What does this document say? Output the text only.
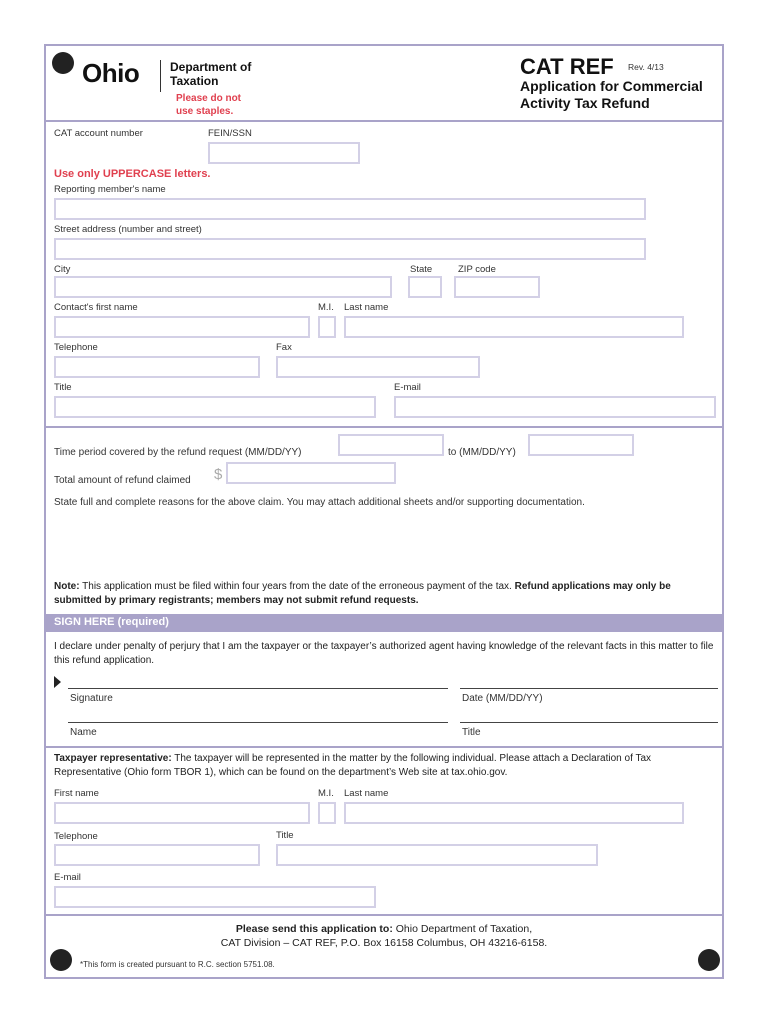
Ohio	Department of
Taxation
Please do not
use staples.
CAT REF Rev. 4/13
Application for Commercial
Activity Tax Refund
CAT account number	FEIN/SSN
Use only UPPERCASE letters.
Reporting member's name
Street address (number and street)
City	State	ZIP code
Contact's first name	M.I. Last name
Telephone	Fax
Title	E-mail
Time period covered by the refund request (MM/DD/YY)	to (MM/DD/YY)
Total amount of refund claimed $
State full and complete reasons for the above claim. You may attach additional sheets and/or supporting documentation.
Note: This application must be filed within four years from the date of the erroneous payment of the tax. Refund applications may only be submitted by primary registrants; members may not submit refund requests.
SIGN HERE (required)
I declare under penalty of perjury that I am the taxpayer or the taxpayer’s authorized agent having knowledge of the relevant facts in this matter to file this refund application.
Signature	Date (MM/DD/YY)
Name	Title
Taxpayer representative: The taxpayer will be represented in the matter by the following individual. Please attach a Declaration of Tax Representative (Ohio form TBOR 1), which can be found on the department’s Web site at tax.ohio.gov.
First name	M.I. Last name
Telephone	Title
E-mail
Please send this application to: Ohio Department of Taxation,
CAT Division – CAT REF, P.O. Box 16158 Columbus, OH 43216-6158.
*This form is created pursuant to R.C. section 5751.08.
